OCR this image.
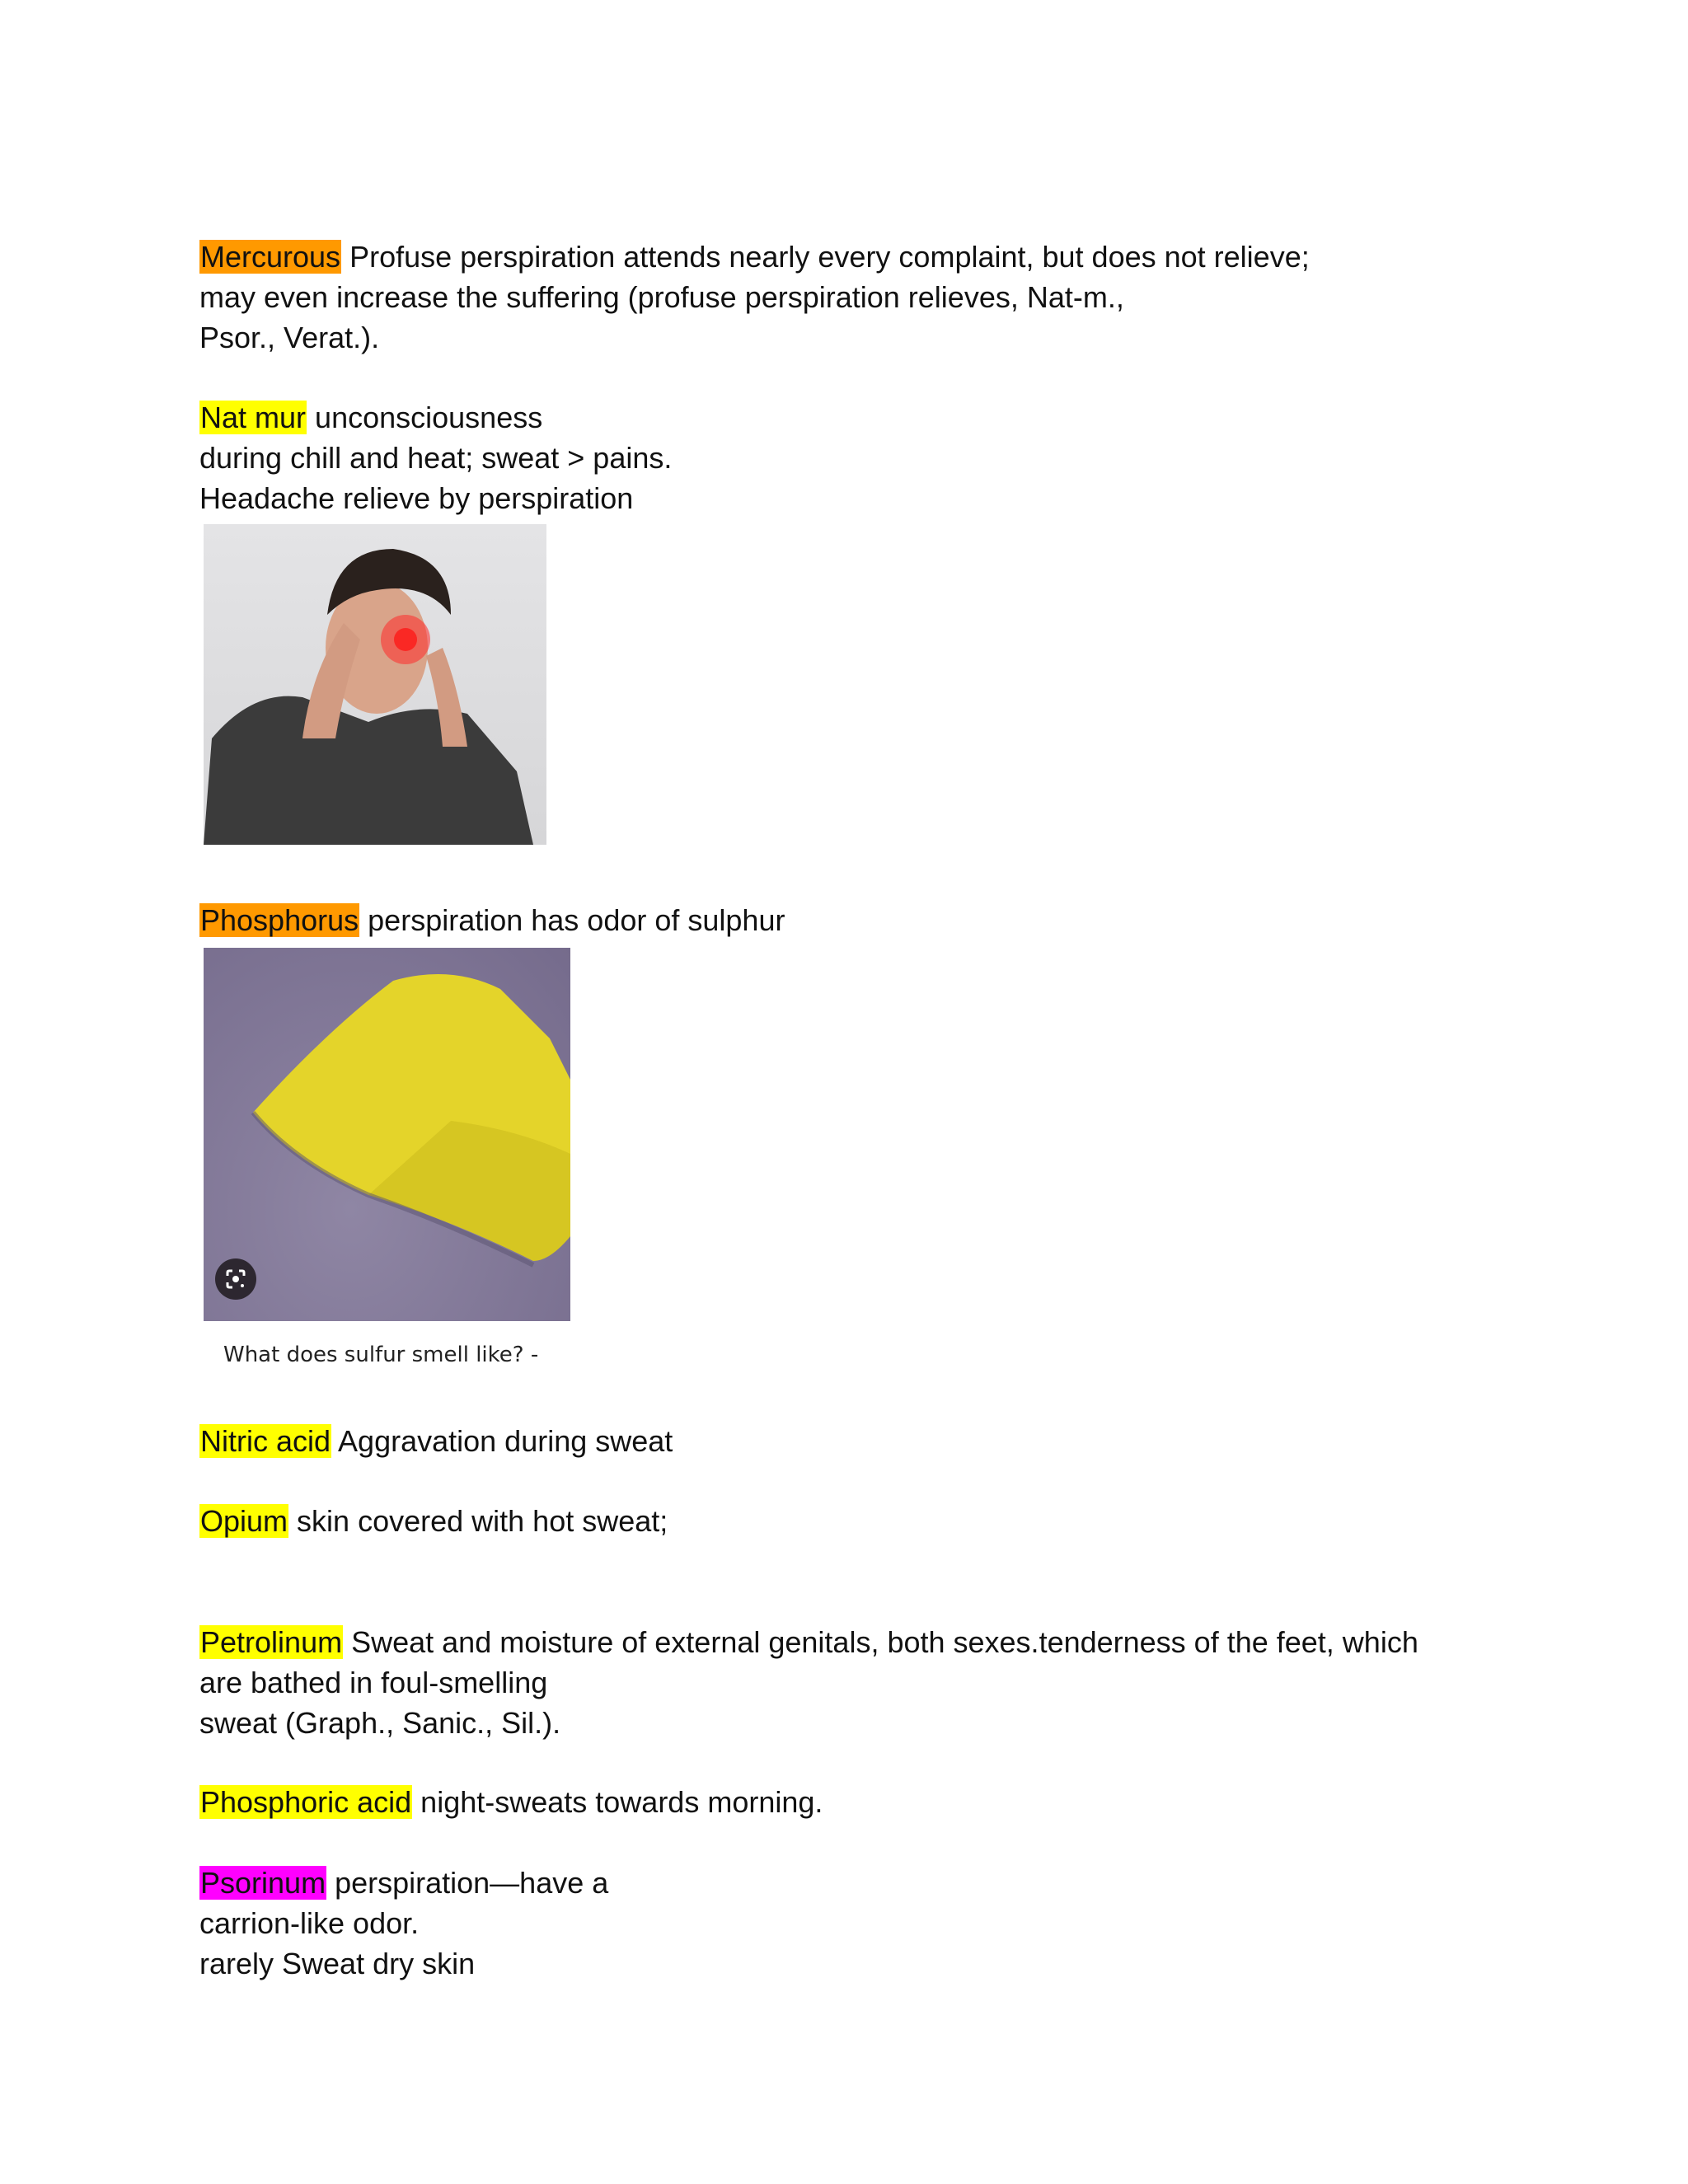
Mercurous Profuse perspiration attends nearly every complaint, but does not relieve;
may even increase the suffering (profuse perspiration relieves, Nat-m.,
Psor., Verat.).
Nat mur unconsciousness
during chill and heat; sweat > pains.
Headache relieve by perspiration
Phosphorus perspiration has odor of sulphur
What does sulfur smell like? -
Nitric acid Aggravation during sweat
Opium skin covered with hot sweat;
Petrolinum Sweat and moisture of external genitals, both sexes.tenderness of the feet, which
are bathed in foul-smelling
sweat (Graph., Sanic., Sil.).
Phosphoric acid night-sweats towards morning.
Psorinum perspiration—have a
carrion-like odor.
rarely Sweat dry skin
